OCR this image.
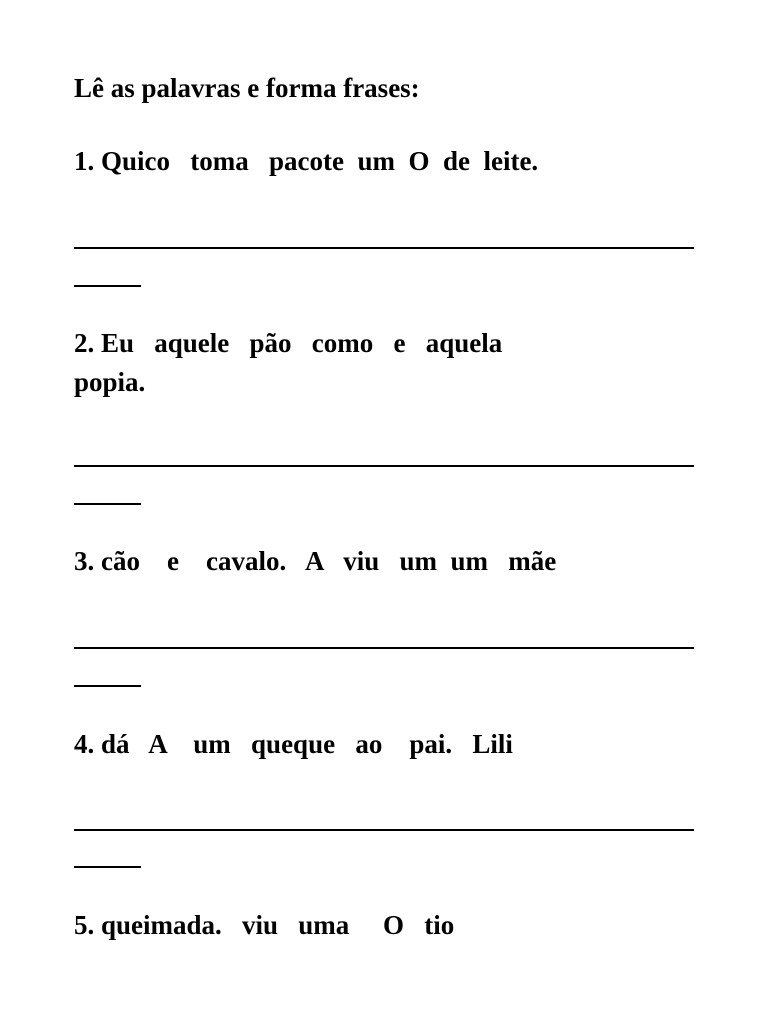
Lê as palavras e forma frases:
1. Quico   toma   pacote  um  O  de  leite.
2. Eu   aquele   pão   como   e   aquela
popia.
3. cão    e    cavalo.   A   viu   um  um   mãe
4. dá   A    um   queque   ao    pai.   Lili
5. queimada.   viu   uma     O   tio
